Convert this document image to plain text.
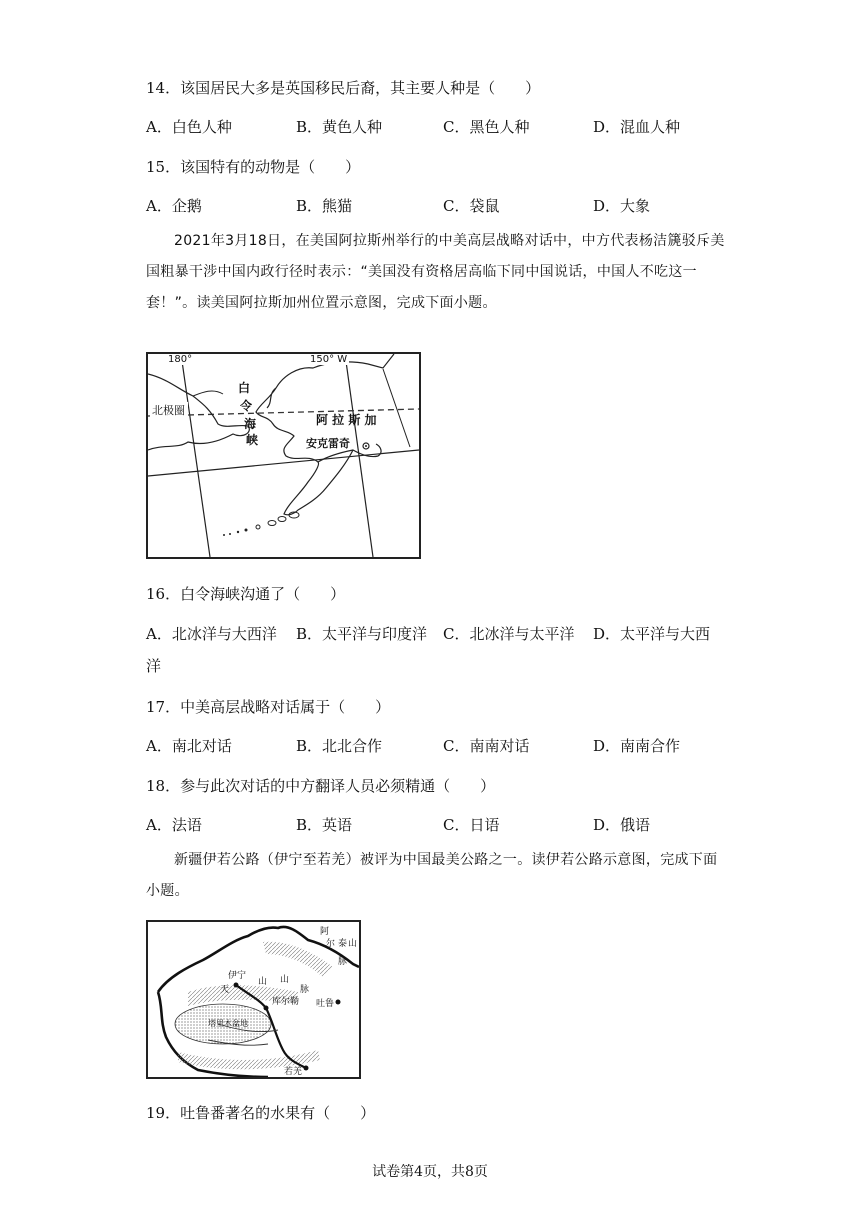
14．该国居民大多是英国移民后裔，其主要人种是（　　）
A．白色人种	B．黄色人种	C．黑色人种	D．混血人种
15．该国特有的动物是（　　）
A．企鹅	B．熊猫	C．袋鼠	D．大象
2021年3月18日，在美国阿拉斯州举行的中美高层战略对话中，中方代表杨洁篪驳斥美国粗暴干涉中国内政行径时表示：“美国没有资格居高临下同中国说话，中国人不吃这一套！”。读美国阿拉斯加州位置示意图，完成下面小题。
北极圈
白
令
海
峡
阿 拉 斯 加
安克雷奇
180°	150° W
16．白令海峡沟通了（　　）
A．北冰洋与大西洋 B．太平洋与印度洋 C．北冰洋与太平洋 D．太平洋与大西
洋
17．中美高层战略对话属于（　　）
A．南北对话	B．北北合作	C．南南对话	D．南南合作
18．参与此次对话的中方翻译人员必须精通（　　）
A．法语	B．英语	C．日语	D．俄语
新疆伊若公路（伊宁至若羌）被评为中国最美公路之一。读伊若公路示意图，完成下面小题。
阿
尔 泰 山
脉
伊宁
天
山 山
脉
库尔勒 吐鲁
塔里木盆地
若羌
19．吐鲁番著名的水果有（　　）
试卷第4页，共8页
